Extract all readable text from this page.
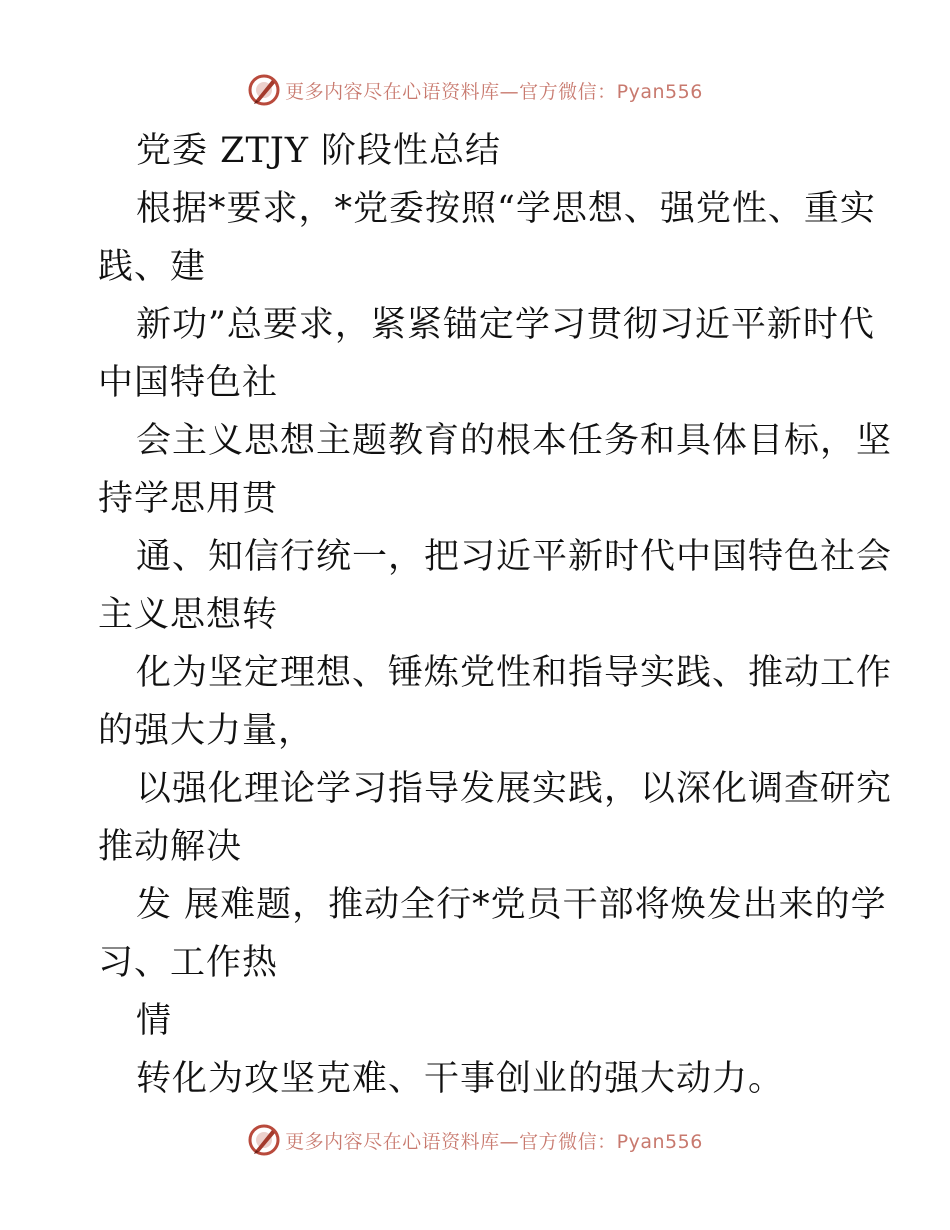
更多内容尽在心语资料库—官方微信：Pyan556
党委 ZTJY 阶段性总结
根据*要求，*党委按照“学思想、强党性、重实
践、建
新功”总要求，紧紧锚定学习贯彻习近平新时代
中国特色社
会主义思想主题教育的根本任务和具体目标，坚
持学思用贯
通、知信行统一，把习近平新时代中国特色社会
主义思想转
化为坚定理想、锤炼党性和指导实践、推动工作
的强大力量，
以强化理论学习指导发展实践，以深化调查研究
推动解决
发 展难题，推动全行*党员干部将焕发出来的学
习、工作热
情
转化为攻坚克难、干事创业的强大动力。
更多内容尽在心语资料库—官方微信：Pyan556
